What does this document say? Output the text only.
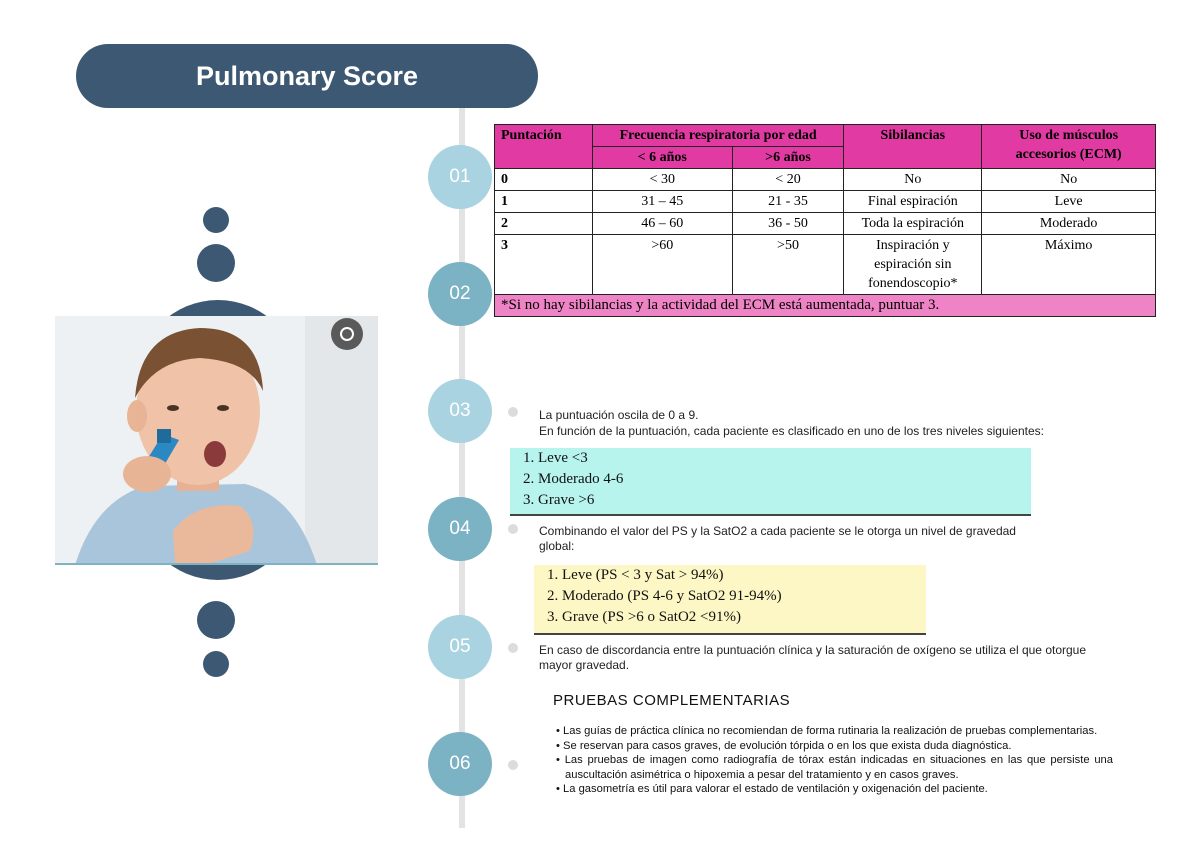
Pulmonary Score
01
02
03
04
05
06
Puntación	Frecuencia respiratoria por edad		Sibilancias	Uso de músculos accesorios (ECM)
	< 6 años	>6 años		
0	< 30	< 20	No	No
1	31 – 45	21 - 35	Final espiración	Leve
2	46 – 60	36 - 50	Toda la espiración	Moderado
3	>60	>50	Inspiración y espiración sin fonendoscopio*	Máximo
*Si no hay sibilancias y la actividad del ECM está aumentada, puntuar 3.				
La puntuación oscila de 0 a 9.
En función de la puntuación, cada paciente es clasificado en uno de los tres niveles siguientes:
1. Leve <3
2. Moderado 4-6
3. Grave >6
Combinando el valor del PS y la SatO2 a cada paciente se le otorga un nivel de gravedad global:
1. Leve (PS < 3 y Sat > 94%)
2. Moderado (PS 4-6 y SatO2 91-94%)
3. Grave (PS >6 o SatO2 <91%)
En caso de discordancia entre la puntuación clínica y la saturación de oxígeno se utiliza el que otorgue mayor gravedad.
PRUEBAS COMPLEMENTARIAS
• Las guías de práctica clínica no recomiendan de forma rutinaria la realización de pruebas complementarias.
• Se reservan para casos graves, de evolución tórpida o en los que exista duda diagnóstica.
• Las pruebas de imagen como radiografía de tórax están indicadas en situaciones en las que persiste una auscultación asimétrica o hipoxemia a pesar del tratamiento y en casos graves.
• La gasometría es útil para valorar el estado de ventilación y oxigenación del paciente.
